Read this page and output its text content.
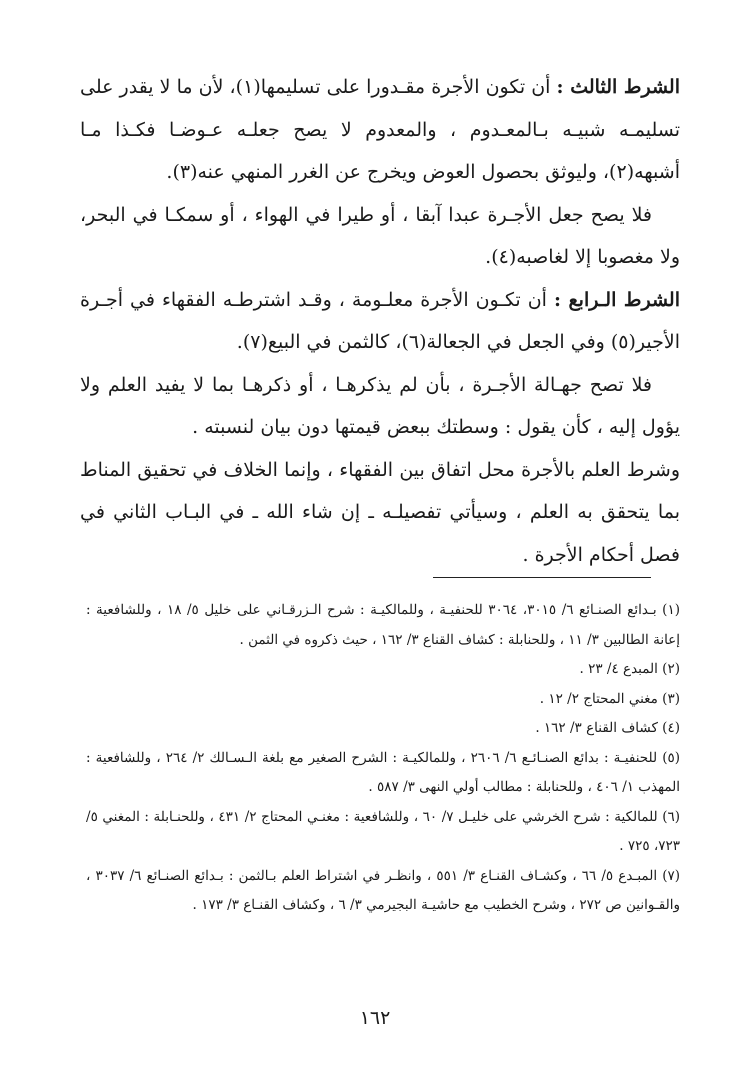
الشرط الثالث : أن تكون الأجرة مقـدورا على تسليمها(١)، لأن ما لا يقدر على تسليمـه شبيـه بـالمعـدوم ، والمعدوم لا يصح جعلـه عـوضـا فكـذا مـا أشبهه(٢)، وليوثق بحصول العوض ويخرج عن الغرر المنهي عنه(٣).

فلا يصح جعل الأجـرة عبدا آبقا ، أو طيرا في الهواء ، أو سمكـا في البحر، ولا مغصوبا إلا لغاصبه(٤).

الشرط الـرابع : أن تكـون الأجرة معلـومة ، وقـد اشترطـه الفقهاء في أجـرة الأجير(٥) وفي الجعل في الجعالة(٦)، كالثمن في البيع(٧).

فلا تصح جهـالة الأجـرة ، بأن لم يذكرهـا ، أو ذكرهـا بما لا يفيد العلم ولا يؤول إليه ، كأن يقول : وسطتك ببعض قيمتها دون بيان لنسبته .

وشرط العلم بالأجرة محل اتفاق بين الفقهاء ، وإنما الخلاف في تحقيق المناط بما يتحقق به العلم ، وسيأتي تفصيلـه ـ إن شاء الله ـ في البـاب الثاني في فصل أحكام الأجرة .

(١) بـدائع الصنـائع ٦/ ٣٠١٥، ٣٠٦٤ للحنفيـة ، وللمالكيـة : شرح الـزرقـاني على خليل ٥/ ١٨ ، وللشافعية : إعانة الطالبين ٣/ ١١ ، وللحنابلة : كشاف القناع ٣/ ١٦٢ ، حيث ذكروه في الثمن .

(٢) المبدع ٤/ ٢٣ .

(٣) مغني المحتاج ٢/ ١٢ .

(٤) كشاف القناع ٣/ ١٦٢ .

(٥) للحنفيـة : بدائع الصنـائـع ٦/ ٢٦٠٦ ، وللمالكيـة : الشرح الصغير مع بلغة الـسـالك ٢/ ٢٦٤ ، وللشافعية : المهذب ١/ ٤٠٦ ، وللحنابلة : مطالب أولي النهى ٣/ ٥٨٧ .

(٦) للمالكية : شرح الخرشي على خليـل ٧/ ٦٠ ، وللشافعية : مغنـي المحتاج ٢/ ٤٣١ ، وللحنـابلة : المغني ٥/ ٧٢٣، ٧٢٥ .

(٧) المبـدع ٥/ ٦٦ ، وكشـاف القنـاع ٣/ ٥٥١ ، وانظـر في اشتراط العلم بـالثمن : بـدائع الصنـائع ٦/ ٣٠٣٧ ، والقـوانين ص ٢٧٢ ، وشرح الخطيب مع حاشيـة البجيرمي ٣/ ٦ ، وكشاف القنـاع ٣/ ١٧٣ .

١٦٢
